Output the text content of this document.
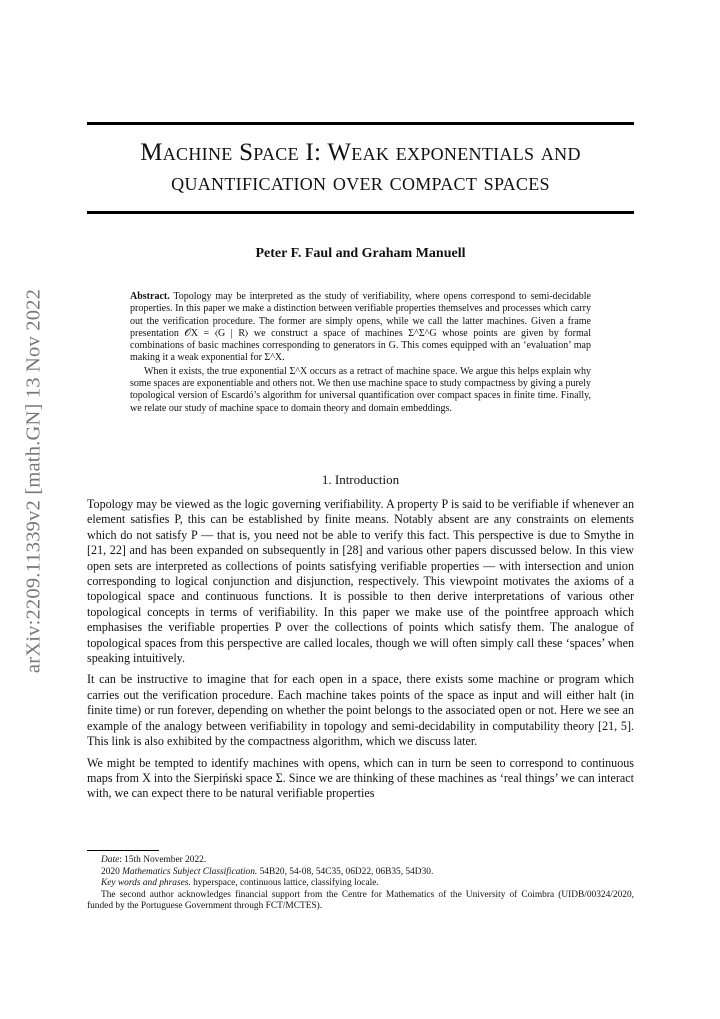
arXiv:2209.11339v2 [math.GN] 13 Nov 2022
Machine Space I: Weak exponentials and
quantification over compact spaces
Peter F. Faul and Graham Manuell

Abstract. Topology may be interpreted as the study of verifiability, where opens correspond to semi-decidable properties. In this paper we make a distinction between verifiable properties themselves and processes which carry out the verification procedure. The former are simply opens, while we call the latter machines. Given a frame presentation 𝒪X = ⟨G | R⟩ we construct a space of machines Σ^Σ^G whose points are given by formal combinations of basic machines corresponding to generators in G. This comes equipped with an ‘evaluation’ map making it a weak exponential for Σ^X.

When it exists, the true exponential Σ^X occurs as a retract of machine space. We argue this helps explain why some spaces are exponentiable and others not. We then use machine space to study compactness by giving a purely topological version of Escardó’s algorithm for universal quantification over compact spaces in finite time. Finally, we relate our study of machine space to domain theory and domain embeddings.

1. Introduction

Topology may be viewed as the logic governing verifiability. A property P is said to be verifiable if whenever an element satisfies P, this can be established by finite means. Notably absent are any constraints on elements which do not satisfy P — that is, you need not be able to verify this fact. This perspective is due to Smythe in [21, 22] and has been expanded on subsequently in [28] and various other papers discussed below. In this view open sets are interpreted as collections of points satisfying verifiable properties — with intersection and union corresponding to logical conjunction and disjunction, respectively. This viewpoint motivates the axioms of a topological space and continuous functions. It is possible to then derive interpretations of various other topological concepts in terms of verifiability. In this paper we make use of the pointfree approach which emphasises the verifiable properties P over the collections of points which satisfy them. The analogue of topological spaces from this perspective are called locales, though we will often simply call these ‘spaces’ when speaking intuitively.

It can be instructive to imagine that for each open in a space, there exists some machine or program which carries out the verification procedure. Each machine takes points of the space as input and will either halt (in finite time) or run forever, depending on whether the point belongs to the associated open or not. Here we see an example of the analogy between verifiability in topology and semi-decidability in computability theory [21, 5]. This link is also exhibited by the compactness algorithm, which we discuss later.

We might be tempted to identify machines with opens, which can in turn be seen to correspond to continuous maps from X into the Sierpiński space Σ. Since we are thinking of these machines as ‘real things’ we can interact with, we can expect there to be natural verifiable properties

Date: 15th November 2022.

2020 Mathematics Subject Classification. 54B20, 54-08, 54C35, 06D22, 06B35, 54D30.

Key words and phrases. hyperspace, continuous lattice, classifying locale.

The second author acknowledges financial support from the Centre for Mathematics of the University of Coimbra (UIDB/00324/2020, funded by the Portuguese Government through FCT/MCTES).
